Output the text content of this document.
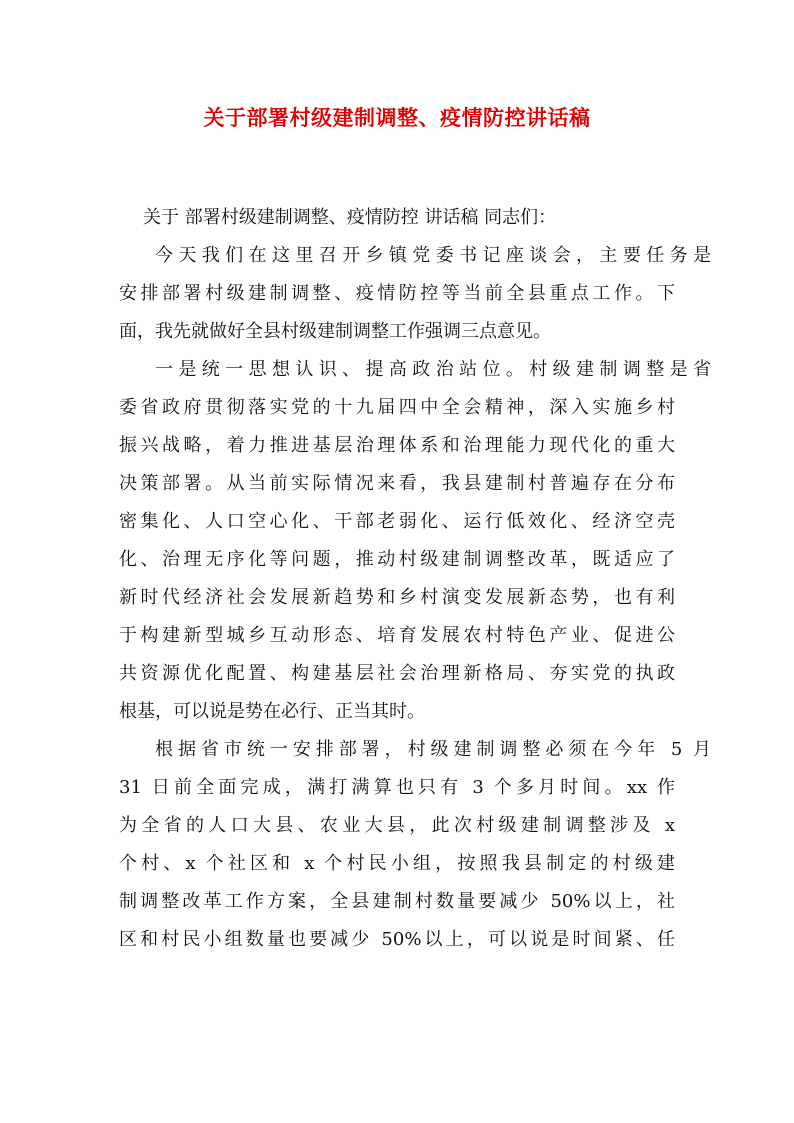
关于部署村级建制调整、疫情防控讲话稿
关于 部署村级建制调整、疫情防控 讲话稿 同志们：
今天我们在这里召开乡镇党委书记座谈会，主要任务是
安排部署村级建制调整、疫情防控等当前全县重点工作。下
面，我先就做好全县村级建制调整工作强调三点意见。
一是统一思想认识、提高政治站位。村级建制调整是省
委省政府贯彻落实党的十九届四中全会精神，深入实施乡村
振兴战略，着力推进基层治理体系和治理能力现代化的重大
决策部署。从当前实际情况来看，我县建制村普遍存在分布
密集化、人口空心化、干部老弱化、运行低效化、经济空壳
化、治理无序化等问题，推动村级建制调整改革，既适应了
新时代经济社会发展新趋势和乡村演变发展新态势，也有利
于构建新型城乡互动形态、培育发展农村特色产业、促进公
共资源优化配置、构建基层社会治理新格局、夯实党的执政
根基，可以说是势在必行、正当其时。
根据省市统一安排部署，村级建制调整必须在今年 5 月
31 日前全面完成，满打满算也只有 3 个多月时间。xx 作
为全省的人口大县、农业大县，此次村级建制调整涉及 x
个村、x 个社区和 x 个村民小组，按照我县制定的村级建
制调整改革工作方案，全县建制村数量要减少 50%以上，社
区和村民小组数量也要减少 50%以上，可以说是时间紧、任
